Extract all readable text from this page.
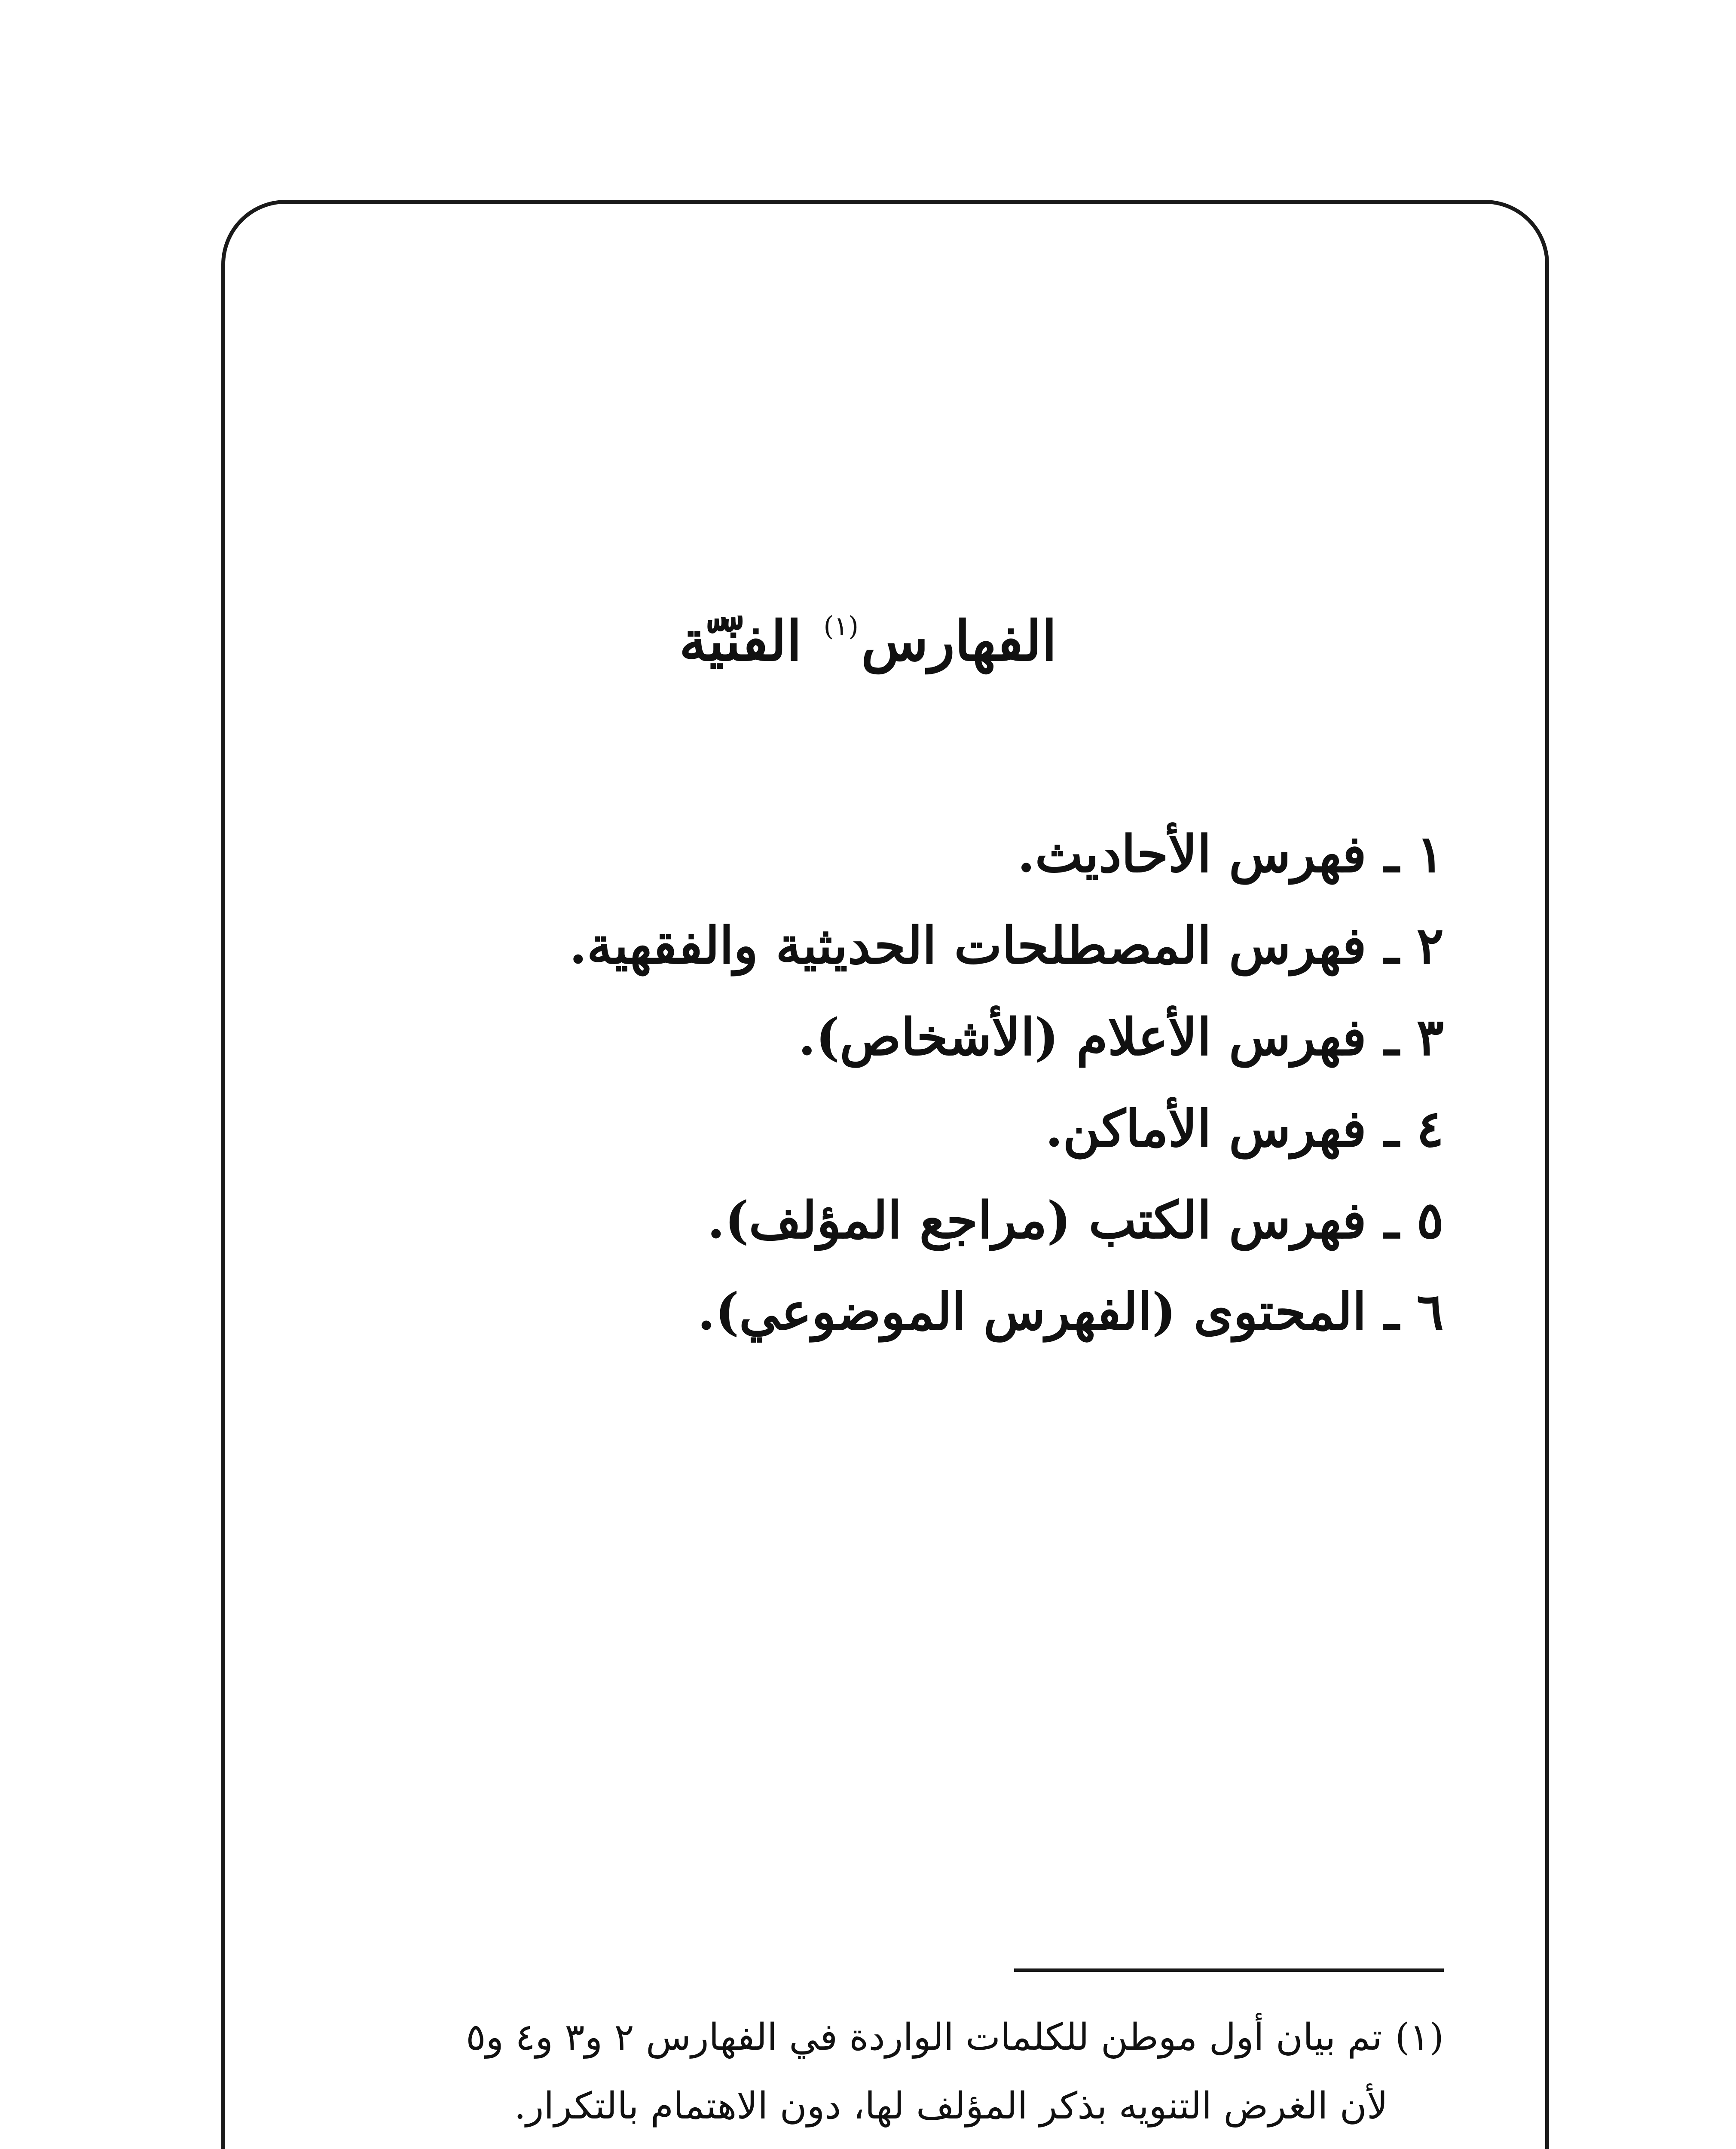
الفهارس$^{(١)}$ الفنّيّة
١ ـ فهرس الأحاديث.
٢ ـ فهرس المصطلحات الحديثية والفقهية.
٣ ـ فهرس الأعلام (الأشخاص).
٤ ـ فهرس الأماكن.
٥ ـ فهرس الكتب (مراجع المؤلف).
٦ ـ المحتوى (الفهرس الموضوعي).
(١)تم بيان أول موطن للكلمات الواردة في الفهارس ٢ و٣ و٤ و٥
لأن الغرض التنويه بذكر المؤلف لها، دون الاهتمام بالتكرار.
